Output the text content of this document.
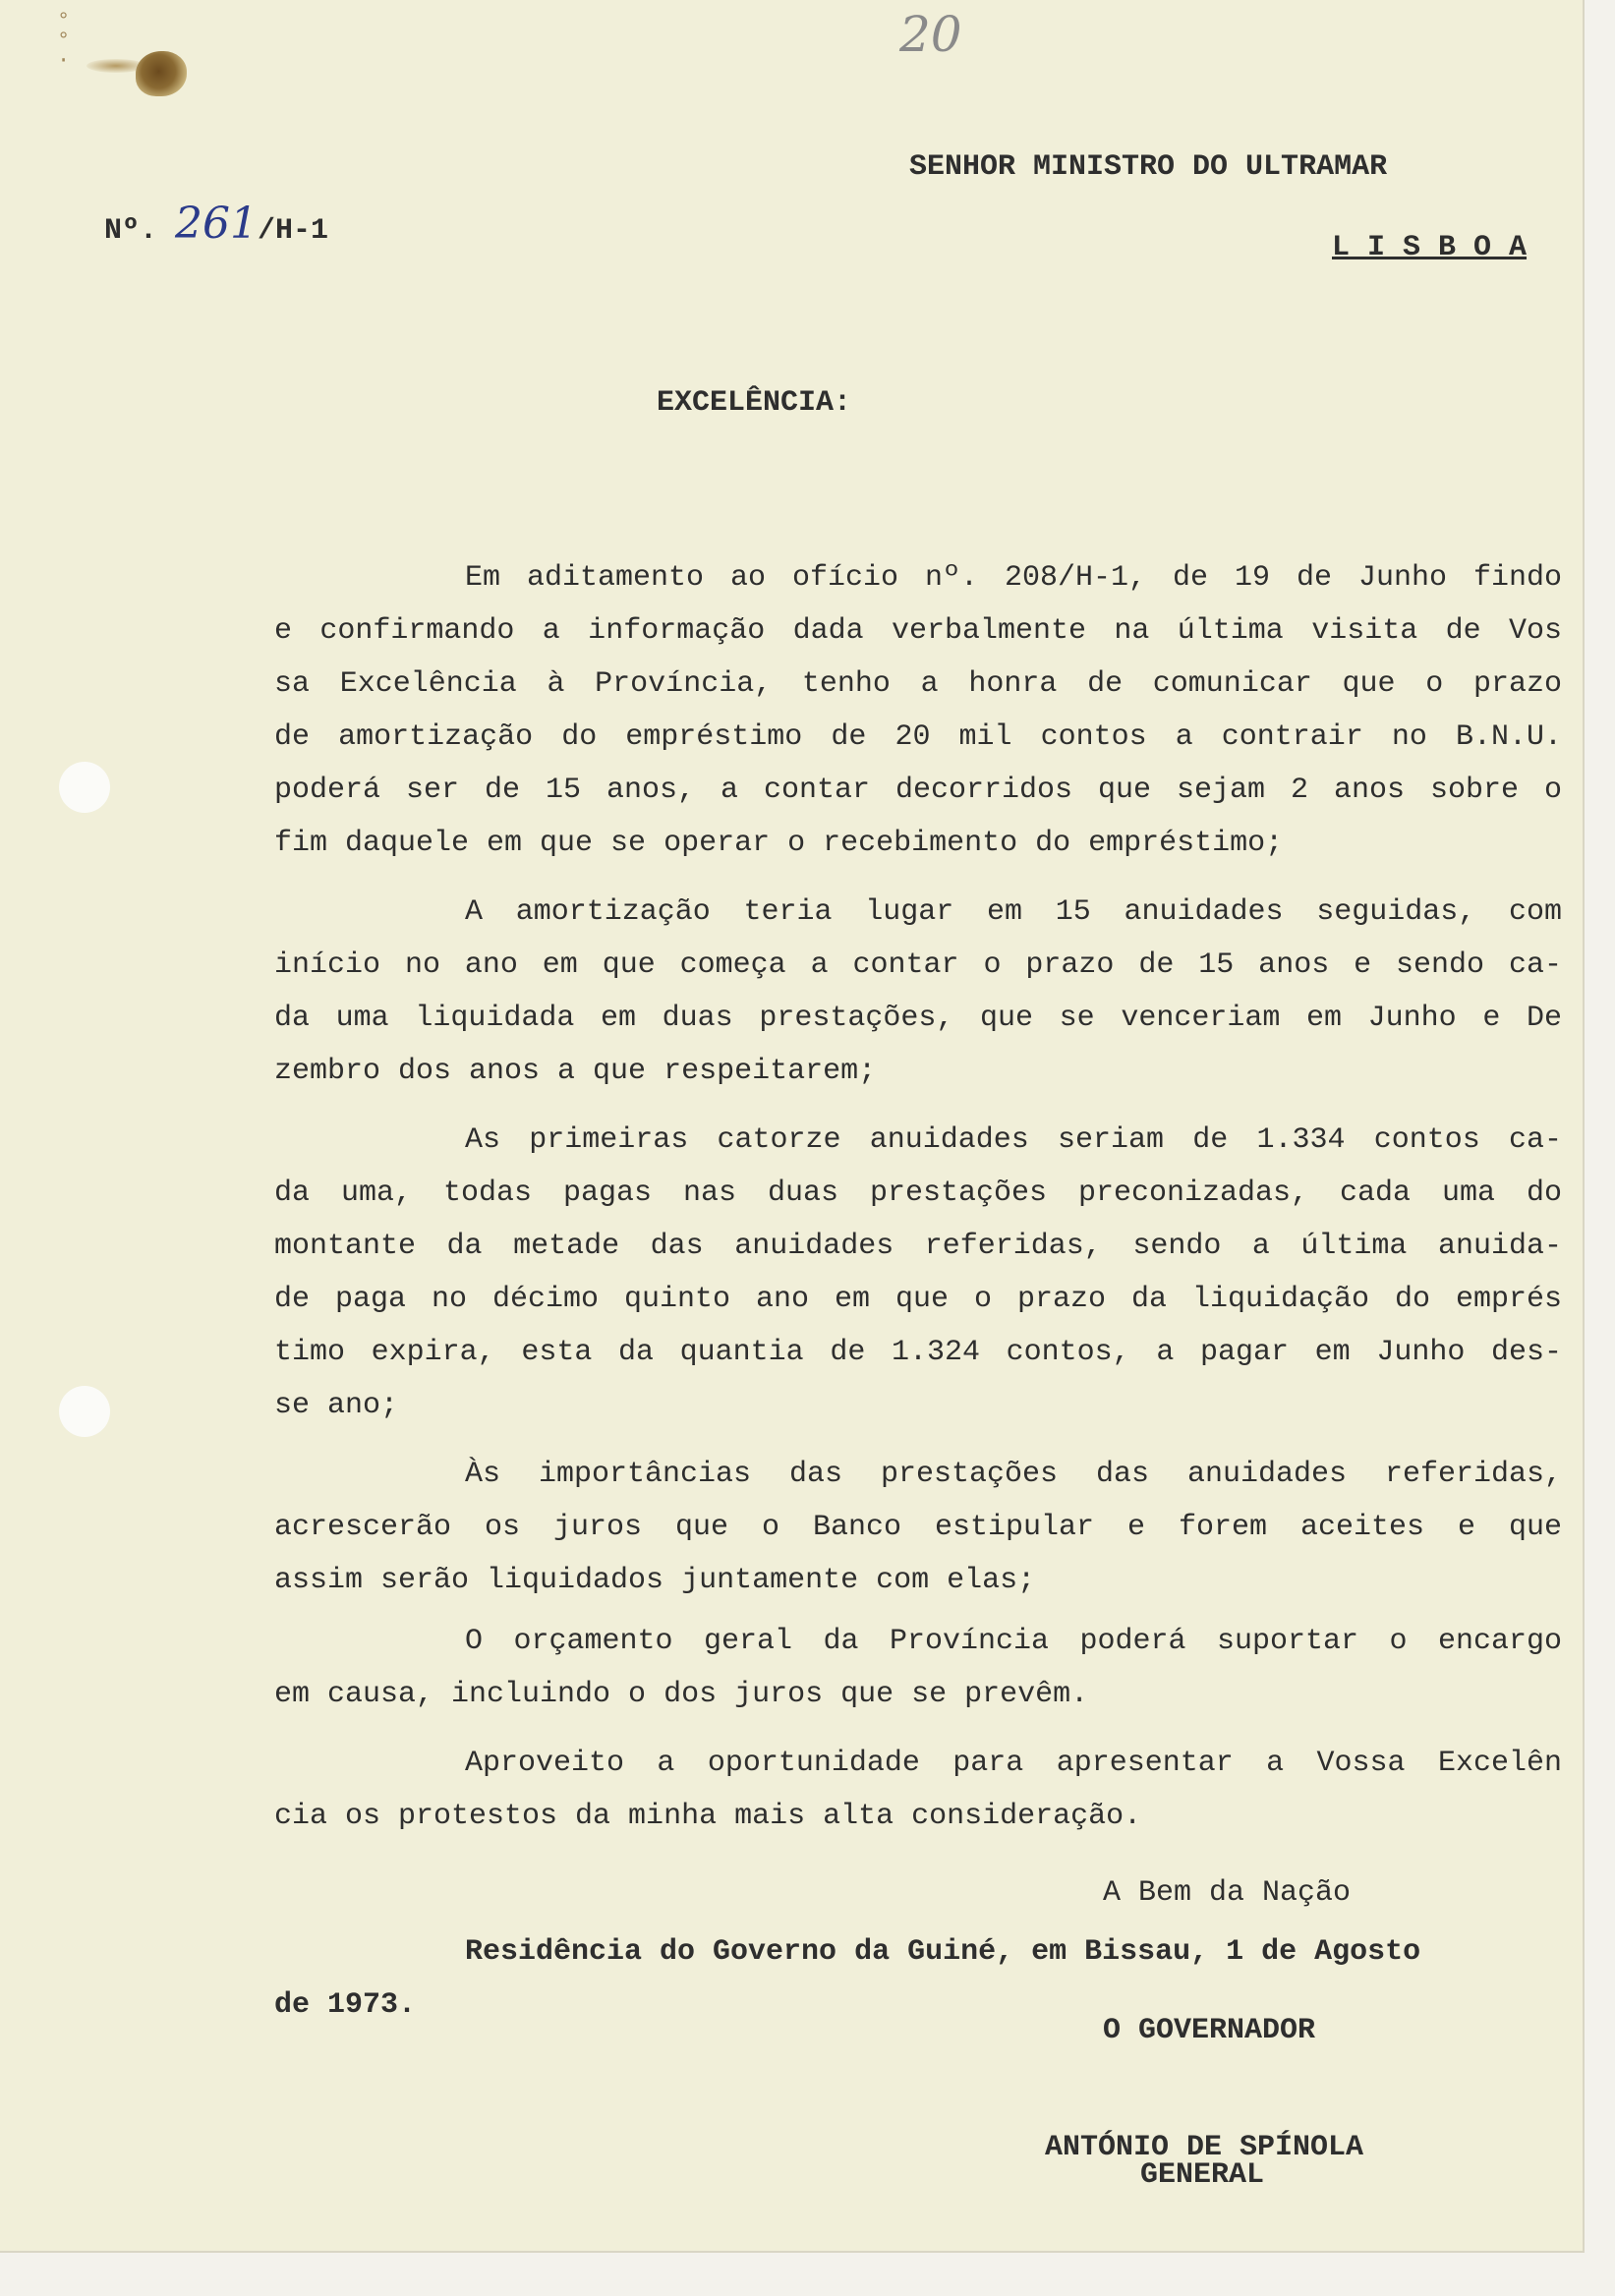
°
°
·	20
SENHOR MINISTRO DO ULTRAMAR
Nº. 261/H-1	L I S B O A
EXCELÊNCIA:
Em aditamento ao ofício nº. 208/H-1, de 19 de Junho findo
e confirmando a informação dada verbalmente na última visita de Vos
sa Excelência à Província, tenho a honra de comunicar que o prazo
de amortização do empréstimo de 20 mil contos a contrair no B.N.U.
poderá ser de 15 anos, a contar decorridos que sejam 2 anos sobre o
fim daquele em que se operar o recebimento do empréstimo;
A amortização teria lugar em 15 anuidades seguidas, com
início no ano em que começa a contar o prazo de 15 anos e sendo ca-
da uma liquidada em duas prestações, que se venceriam em Junho e De
zembro dos anos a que respeitarem;
As primeiras catorze anuidades seriam de 1.334 contos ca-
da uma, todas pagas nas duas prestações preconizadas, cada uma do
montante da metade das anuidades referidas, sendo a última anuida-
de paga no décimo quinto ano em que o prazo da liquidação do emprés
timo expira, esta da quantia de 1.324 contos, a pagar em Junho des-
se ano;
Às importâncias das prestações das anuidades referidas,
acrescerão os juros que o Banco estipular e forem aceites e que
assim serão liquidados juntamente com elas;
O orçamento geral da Província poderá suportar o encargo
em causa, incluindo o dos juros que se prevêm.
Aproveito a oportunidade para apresentar a Vossa Excelên
cia os protestos da minha mais alta consideração.
A Bem da Nação
Residência do Governo da Guiné, em Bissau, 1 de Agosto
de 1973.
O GOVERNADOR
ANTÓNIO DE SPÍNOLA
GENERAL
